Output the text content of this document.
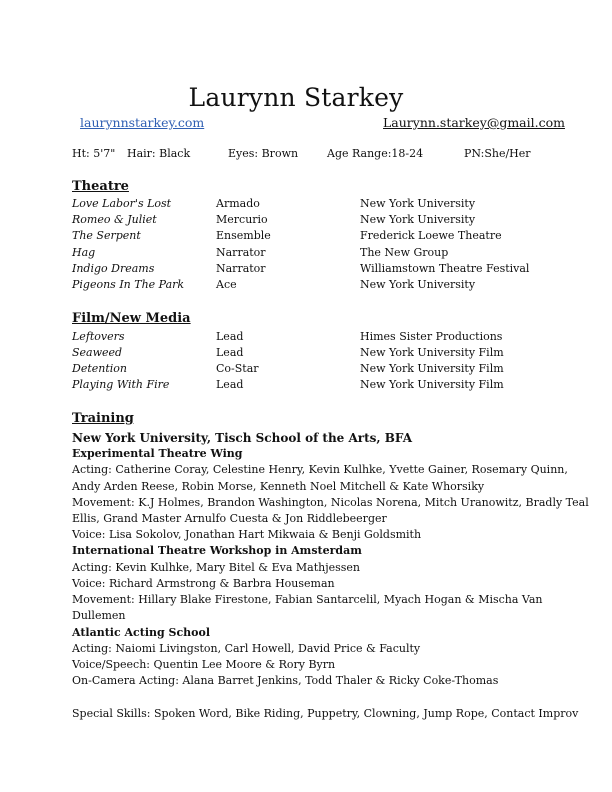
Laurynn Starkey
laurynnstarkey.com	Laurynn.starkey@gmail.com
Ht: 5'7" Hair: Black	Eyes: Brown	Age Range:18-24	PN:She/Her
Theatre
Love Labor's Lost	Armado	New York University
Romeo & Juliet	Mercurio	New York University
The Serpent	Ensemble	Frederick Loewe Theatre
Hag	Narrator	The New Group
Indigo Dreams	Narrator	Williamstown Theatre Festival
Pigeons In The Park	Ace	New York University
Film/New Media
Leftovers	Lead	Himes Sister Productions
Seaweed	Lead	New York University Film
Detention	Co-Star	New York University Film
Playing With Fire	Lead	New York University Film
Training
New York University, Tisch School of the Arts, BFA
Experimental Theatre Wing
Acting: Catherine Coray, Celestine Henry, Kevin Kulhke, Yvette Gainer, Rosemary Quinn,
Andy Arden Reese, Robin Morse, Kenneth Noel Mitchell & Kate Whorsiky
Movement: K.J Holmes, Brandon Washington, Nicolas Norena, Mitch Uranowitz, Bradly Teal
Ellis, Grand Master Arnulfo Cuesta & Jon Riddlebeerger
Voice: Lisa Sokolov, Jonathan Hart Mikwaia & Benji Goldsmith
International Theatre Workshop in Amsterdam
Acting: Kevin Kulhke, Mary Bitel & Eva Mathjessen
Voice: Richard Armstrong & Barbra Houseman
Movement: Hillary Blake Firestone, Fabian Santarcelil, Myach Hogan & Mischa Van
Dullemen
Atlantic Acting School
Acting: Naiomi Livingston, Carl Howell, David Price & Faculty
Voice/Speech: Quentin Lee Moore & Rory Byrn
On-Camera Acting: Alana Barret Jenkins, Todd Thaler & Ricky Coke-Thomas
Special Skills: Spoken Word, Bike Riding, Puppetry, Clowning, Jump Rope, Contact Improv
